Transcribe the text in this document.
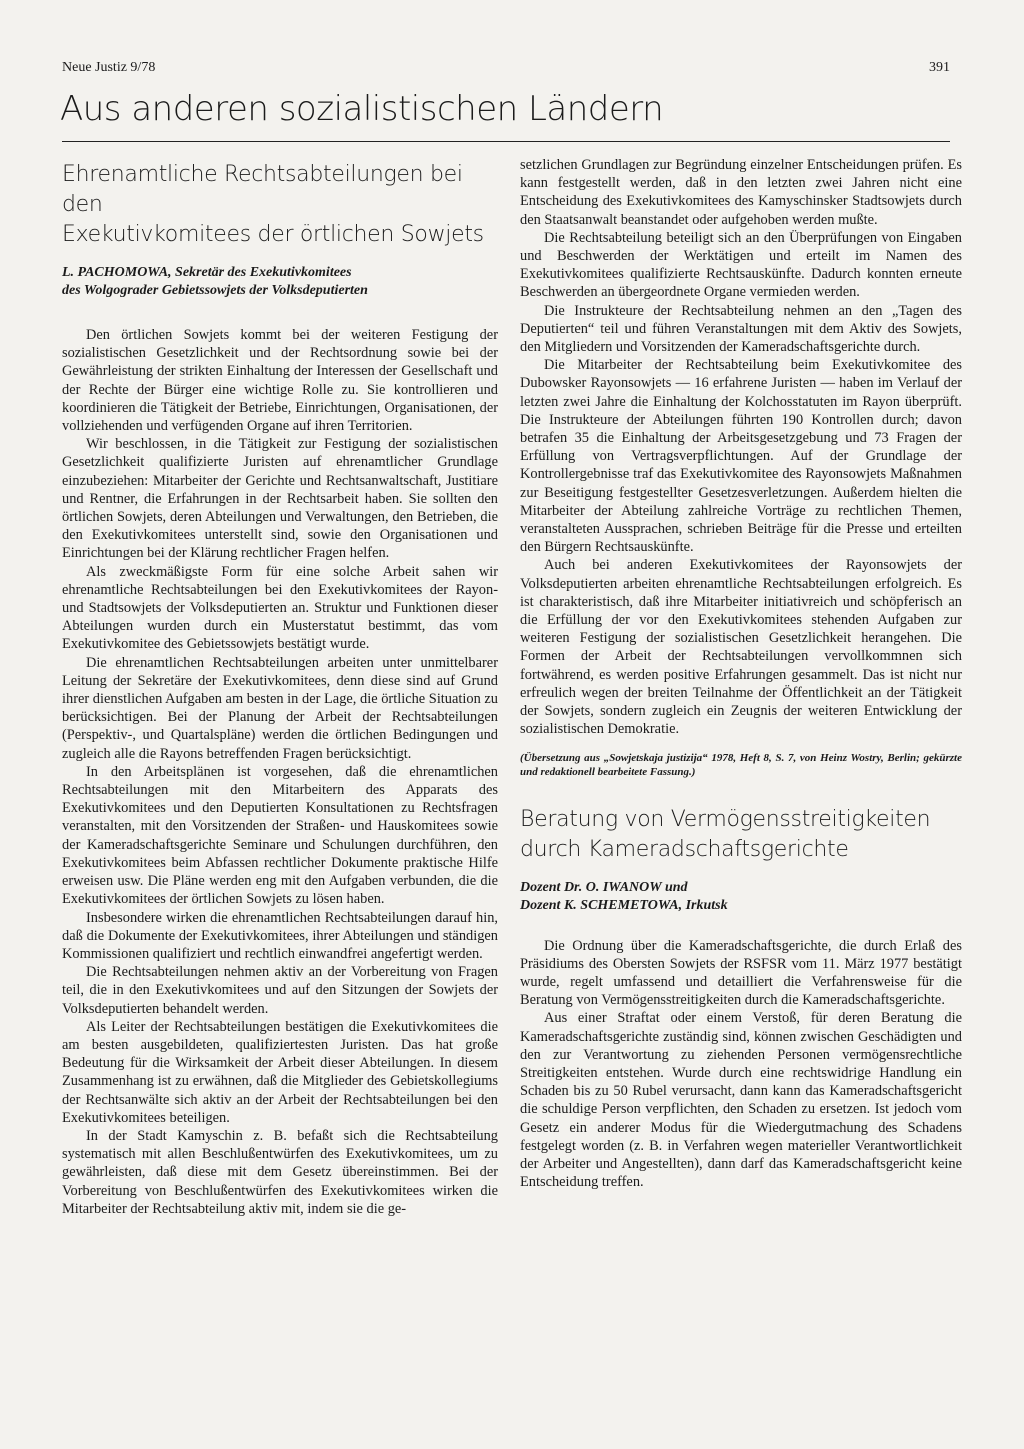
Neue Justiz 9/78	391
Aus anderen sozialistischen Ländern
Ehrenamtliche Rechtsabteilungen bei den
Exekutivkomitees der örtlichen Sowjets
L. PACHOMOWA, Sekretär des Exekutivkomitees
des Wolgograder Gebietssowjets der Volksdeputierten

Den örtlichen Sowjets kommt bei der weiteren Festigung der sozialistischen Gesetzlichkeit und der Rechtsordnung sowie bei der Gewährleistung der strikten Einhaltung der Interessen der Gesellschaft und der Rechte der Bürger eine wichtige Rolle zu. Sie kontrollieren und koordinieren die Tätigkeit der Betriebe, Einrichtungen, Organisationen, der vollziehenden und verfügenden Organe auf ihren Territorien.

Wir beschlossen, in die Tätigkeit zur Festigung der sozialistischen Gesetzlichkeit qualifizierte Juristen auf ehrenamtlicher Grundlage einzubeziehen: Mitarbeiter der Gerichte und Rechtsanwaltschaft, Justitiare und Rentner, die Erfahrungen in der Rechtsarbeit haben. Sie sollten den örtlichen Sowjets, deren Abteilungen und Verwaltungen, den Betrieben, die den Exekutivkomitees unterstellt sind, sowie den Organisationen und Einrichtungen bei der Klärung rechtlicher Fragen helfen.

Als zweckmäßigste Form für eine solche Arbeit sahen wir ehrenamtliche Rechtsabteilungen bei den Exekutivkomitees der Rayon- und Stadtsowjets der Volksdeputierten an. Struktur und Funktionen dieser Abteilungen wurden durch ein Musterstatut bestimmt, das vom Exekutivkomitee des Gebietssowjets bestätigt wurde.

Die ehrenamtlichen Rechtsabteilungen arbeiten unter unmittelbarer Leitung der Sekretäre der Exekutivkomitees, denn diese sind auf Grund ihrer dienstlichen Aufgaben am besten in der Lage, die örtliche Situation zu berücksichtigen. Bei der Planung der Arbeit der Rechtsabteilungen (Perspektiv-, und Quartalspläne) werden die örtlichen Bedingungen und zugleich alle die Rayons betreffenden Fragen berücksichtigt.

In den Arbeitsplänen ist vorgesehen, daß die ehrenamtlichen Rechtsabteilungen mit den Mitarbeitern des Apparats des Exekutivkomitees und den Deputierten Konsultationen zu Rechtsfragen veranstalten, mit den Vorsitzenden der Straßen- und Hauskomitees sowie der Kameradschaftsgerichte Seminare und Schulungen durchführen, den Exekutivkomitees beim Abfassen rechtlicher Dokumente praktische Hilfe erweisen usw. Die Pläne werden eng mit den Aufgaben verbunden, die die Exekutivkomitees der örtlichen Sowjets zu lösen haben.

Insbesondere wirken die ehrenamtlichen Rechtsabteilungen darauf hin, daß die Dokumente der Exekutivkomitees, ihrer Abteilungen und ständigen Kommissionen qualifiziert und rechtlich einwandfrei angefertigt werden.

Die Rechtsabteilungen nehmen aktiv an der Vorbereitung von Fragen teil, die in den Exekutivkomitees und auf den Sitzungen der Sowjets der Volksdeputierten behandelt werden.

Als Leiter der Rechtsabteilungen bestätigen die Exekutivkomitees die am besten ausgebildeten, qualifiziertesten Juristen. Das hat große Bedeutung für die Wirksamkeit der Arbeit dieser Abteilungen. In diesem Zusammenhang ist zu erwähnen, daß die Mitglieder des Gebietskollegiums der Rechtsanwälte sich aktiv an der Arbeit der Rechtsabteilungen bei den Exekutivkomitees beteiligen.

In der Stadt Kamyschin z. B. befaßt sich die Rechtsabteilung systematisch mit allen Beschlußentwürfen des Exekutivkomitees, um zu gewährleisten, daß diese mit dem Gesetz übereinstimmen. Bei der Vorbereitung von Beschlußentwürfen des Exekutivkomitees wirken die Mitarbeiter der Rechtsabteilung aktiv mit, indem sie die ge-

setzlichen Grundlagen zur Begründung einzelner Entscheidungen prüfen. Es kann festgestellt werden, daß in den letzten zwei Jahren nicht eine Entscheidung des Exekutivkomitees des Kamyschinsker Stadtsowjets durch den Staatsanwalt beanstandet oder aufgehoben werden mußte.

Die Rechtsabteilung beteiligt sich an den Überprüfungen von Eingaben und Beschwerden der Werktätigen und erteilt im Namen des Exekutivkomitees qualifizierte Rechtsauskünfte. Dadurch konnten erneute Beschwerden an übergeordnete Organe vermieden werden.

Die Instrukteure der Rechtsabteilung nehmen an den „Tagen des Deputierten“ teil und führen Veranstaltungen mit dem Aktiv des Sowjets, den Mitgliedern und Vorsitzenden der Kameradschaftsgerichte durch.

Die Mitarbeiter der Rechtsabteilung beim Exekutivkomitee des Dubowsker Rayonsowjets — 16 erfahrene Juristen — haben im Verlauf der letzten zwei Jahre die Einhaltung der Kolchosstatuten im Rayon überprüft. Die Instrukteure der Abteilungen führten 190 Kontrollen durch; davon betrafen 35 die Einhaltung der Arbeitsgesetzgebung und 73 Fragen der Erfüllung von Vertragsverpflichtungen. Auf der Grundlage der Kontrollergebnisse traf das Exekutivkomitee des Rayonsowjets Maßnahmen zur Beseitigung festgestellter Gesetzesverletzungen. Außerdem hielten die Mitarbeiter der Abteilung zahlreiche Vorträge zu rechtlichen Themen, veranstalteten Aussprachen, schrieben Beiträge für die Presse und erteilten den Bürgern Rechtsauskünfte.

Auch bei anderen Exekutivkomitees der Rayonsowjets der Volksdeputierten arbeiten ehrenamtliche Rechtsabteilungen erfolgreich. Es ist charakteristisch, daß ihre Mitarbeiter initiativreich und schöpferisch an die Erfüllung der vor den Exekutivkomitees stehenden Aufgaben zur weiteren Festigung der sozialistischen Gesetzlichkeit herangehen. Die Formen der Arbeit der Rechtsabteilungen vervollkommnen sich fortwährend, es werden positive Erfahrungen gesammelt. Das ist nicht nur erfreulich wegen der breiten Teilnahme der Öffentlichkeit an der Tätigkeit der Sowjets, sondern zugleich ein Zeugnis der weiteren Entwicklung der sozialistischen Demokratie.

(Übersetzung aus „Sowjetskaja justizija“ 1978, Heft 8, S. 7, von Heinz Wostry, Berlin; gekürzte und redaktionell bearbeitete Fassung.)
Beratung von Vermögensstreitigkeiten
durch Kameradschaftsgerichte
Dozent Dr. O. IWANOW und
Dozent K. SCHEMETOWA, Irkutsk

Die Ordnung über die Kameradschaftsgerichte, die durch Erlaß des Präsidiums des Obersten Sowjets der RSFSR vom 11. März 1977 bestätigt wurde, regelt umfassend und detailliert die Verfahrensweise für die Beratung von Vermögensstreitigkeiten durch die Kameradschaftsgerichte.

Aus einer Straftat oder einem Verstoß, für deren Beratung die Kameradschaftsgerichte zuständig sind, können zwischen Geschädigten und den zur Verantwortung zu ziehenden Personen vermögensrechtliche Streitigkeiten entstehen. Wurde durch eine rechtswidrige Handlung ein Schaden bis zu 50 Rubel verursacht, dann kann das Kameradschaftsgericht die schuldige Person verpflichten, den Schaden zu ersetzen. Ist jedoch vom Gesetz ein anderer Modus für die Wiedergutmachung des Schadens festgelegt worden (z. B. in Verfahren wegen materieller Verantwortlichkeit der Arbeiter und Angestellten), dann darf das Kameradschaftsgericht keine Entscheidung treffen.
